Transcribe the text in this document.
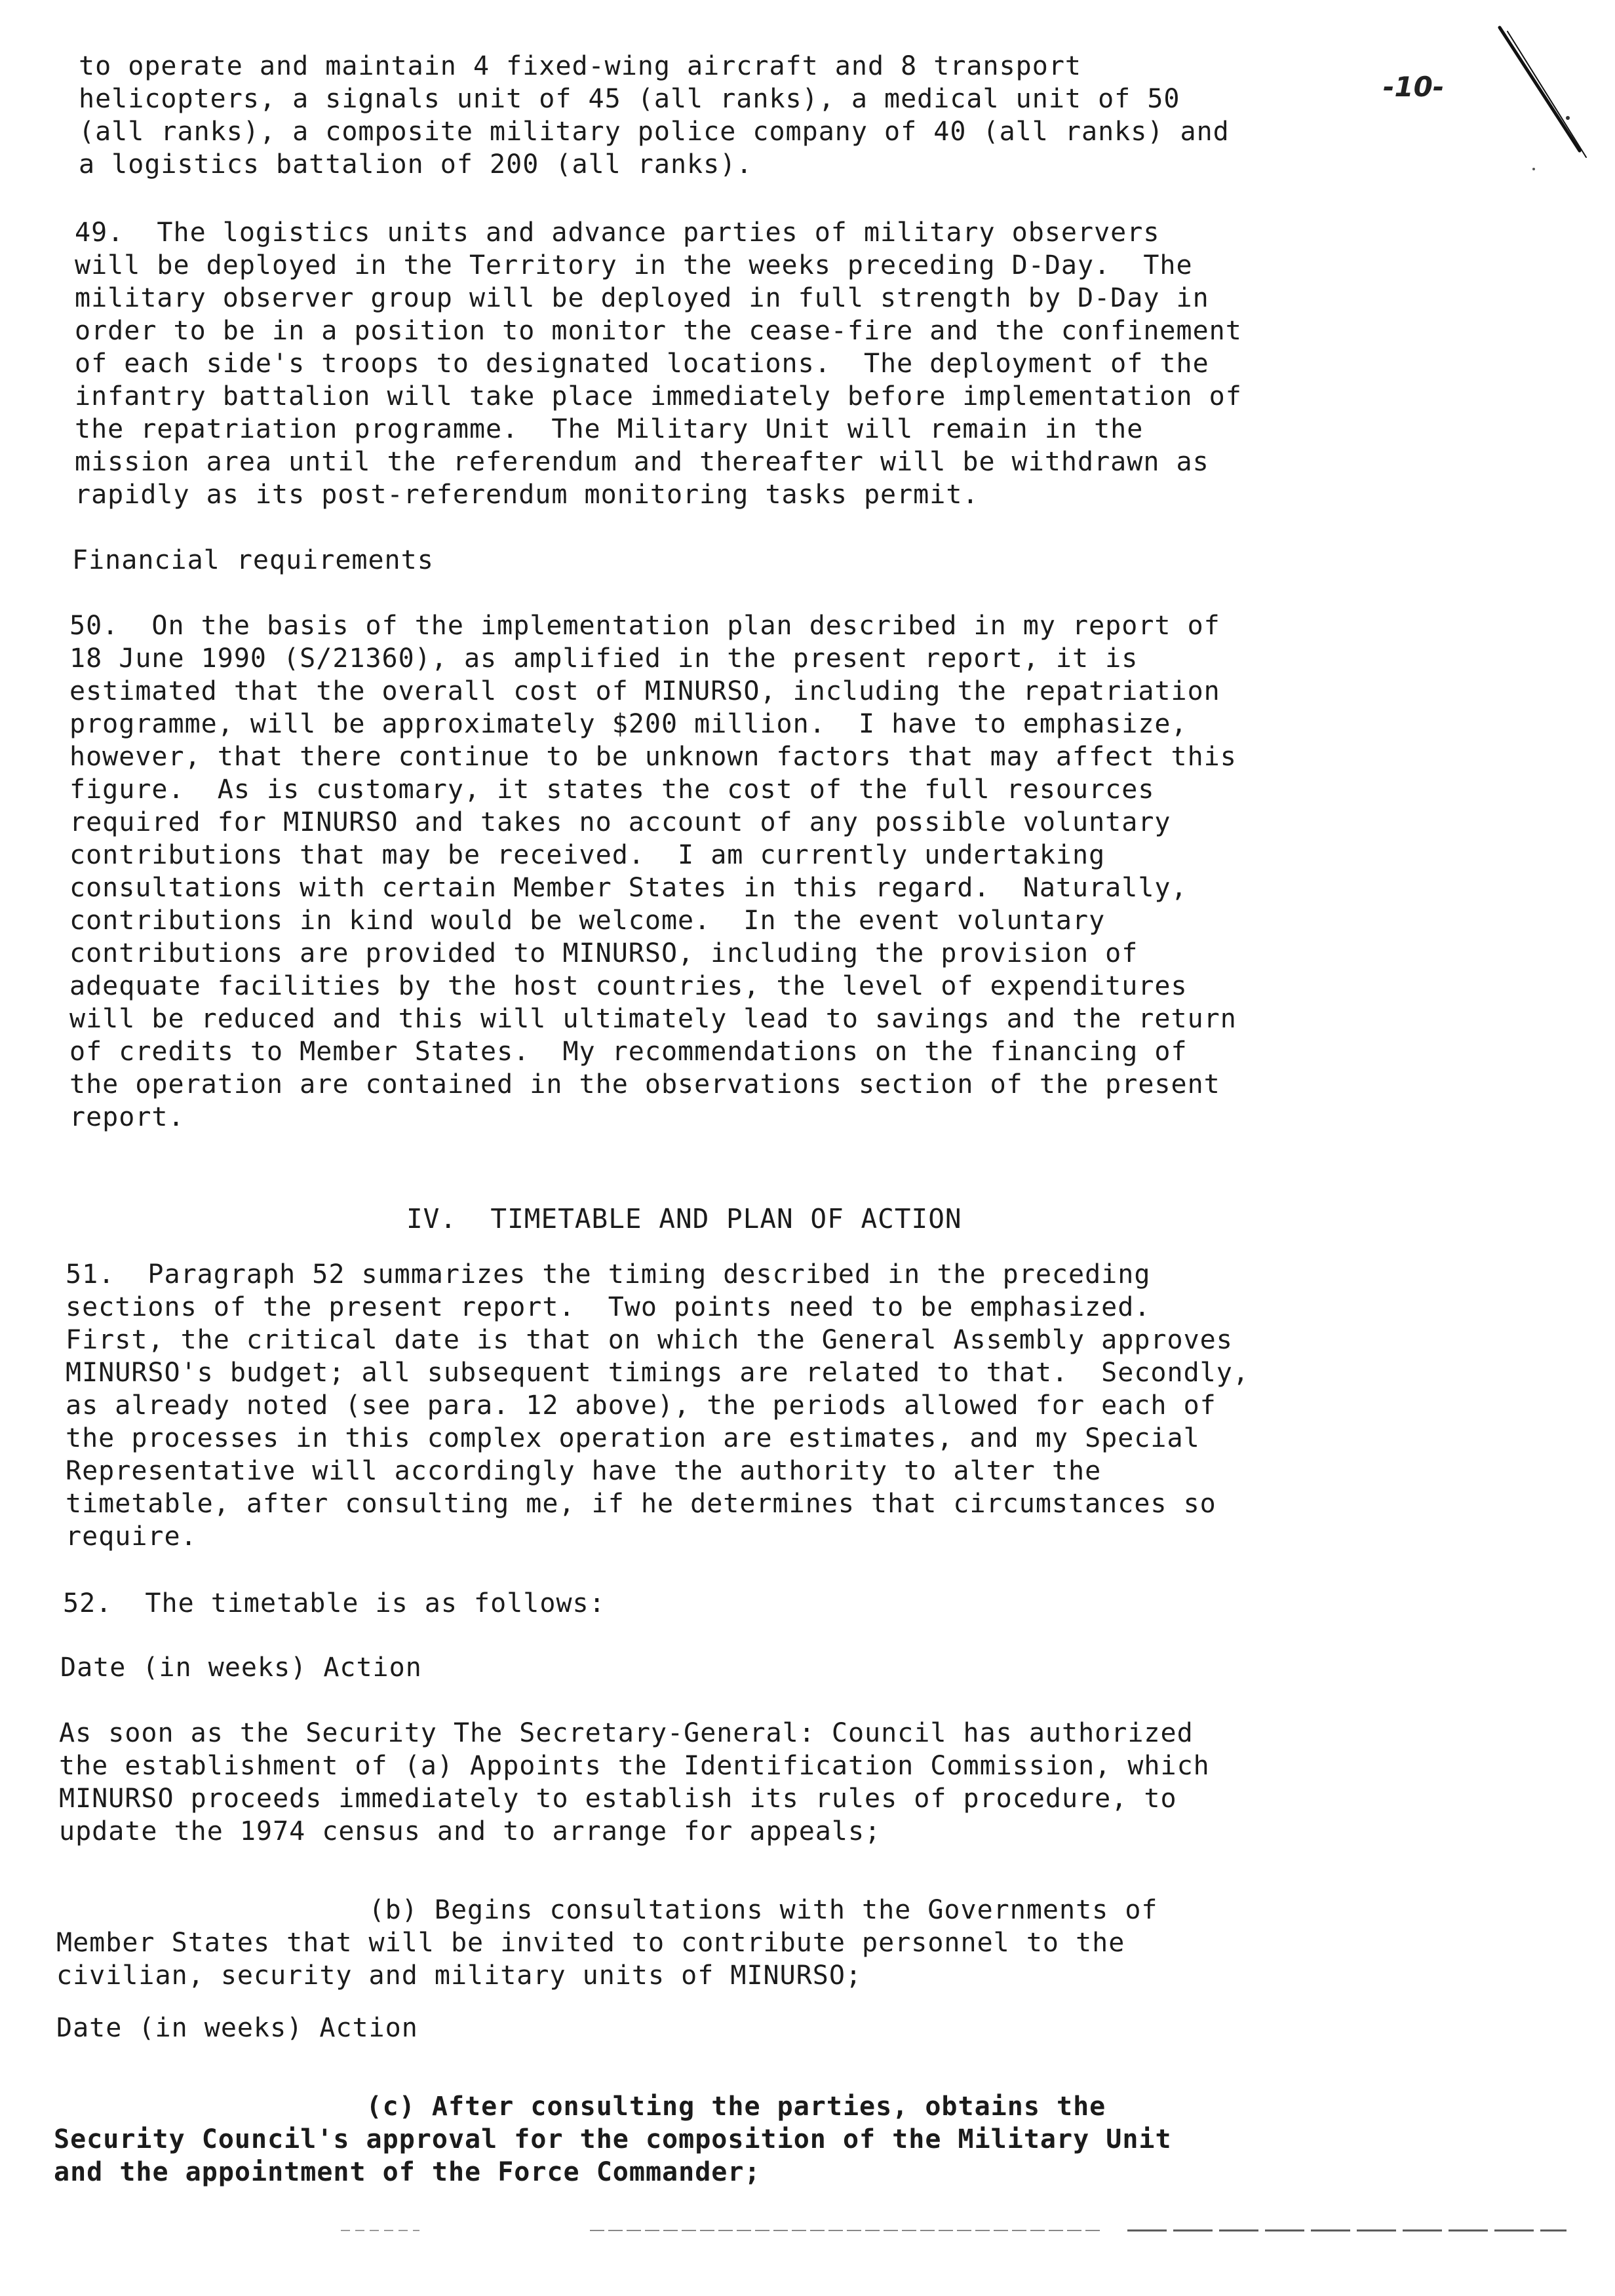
-10-
to operate and maintain 4 fixed-wing aircraft and 8 transport
helicopters, a signals unit of 45 (all ranks), a medical unit of 50
(all ranks), a composite military police company of 40 (all ranks) and
a logistics battalion of 200 (all ranks).
49.  The logistics units and advance parties of military observers
will be deployed in the Territory in the weeks preceding D-Day.  The
military observer group will be deployed in full strength by D-Day in
order to be in a position to monitor the cease-fire and the confinement
of each side's troops to designated locations.  The deployment of the
infantry battalion will take place immediately before implementation of
the repatriation programme.  The Military Unit will remain in the
mission area until the referendum and thereafter will be withdrawn as
rapidly as its post-referendum monitoring tasks permit.
Financial requirements
50.  On the basis of the implementation plan described in my report of
18 June 1990 (S/21360), as amplified in the present report, it is
estimated that the overall cost of MINURSO, including the repatriation
programme, will be approximately $200 million.  I have to emphasize,
however, that there continue to be unknown factors that may affect this
figure.  As is customary, it states the cost of the full resources
required for MINURSO and takes no account of any possible voluntary
contributions that may be received.  I am currently undertaking
consultations with certain Member States in this regard.  Naturally,
contributions in kind would be welcome.  In the event voluntary
contributions are provided to MINURSO, including the provision of
adequate facilities by the host countries, the level of expenditures
will be reduced and this will ultimately lead to savings and the return
of credits to Member States.  My recommendations on the financing of
the operation are contained in the observations section of the present
report.
IV.  TIMETABLE AND PLAN OF ACTION
51.  Paragraph 52 summarizes the timing described in the preceding
sections of the present report.  Two points need to be emphasized.
First, the critical date is that on which the General Assembly approves
MINURSO's budget; all subsequent timings are related to that.  Secondly,
as already noted (see para. 12 above), the periods allowed for each of
the processes in this complex operation are estimates, and my Special
Representative will accordingly have the authority to alter the
timetable, after consulting me, if he determines that circumstances so
require.
52.  The timetable is as follows:
Date (in weeks) Action
As soon as the Security The Secretary-General: Council has authorized
the establishment of (a) Appoints the Identification Commission, which
MINURSO proceeds immediately to establish its rules of procedure, to
update the 1974 census and to arrange for appeals;
(b) Begins consultations with the Governments of
Member States that will be invited to contribute personnel to the
civilian, security and military units of MINURSO;
Date (in weeks) Action
(c) After consulting the parties, obtains the
Security Council's approval for the composition of the Military Unit
and the appointment of the Force Commander;
